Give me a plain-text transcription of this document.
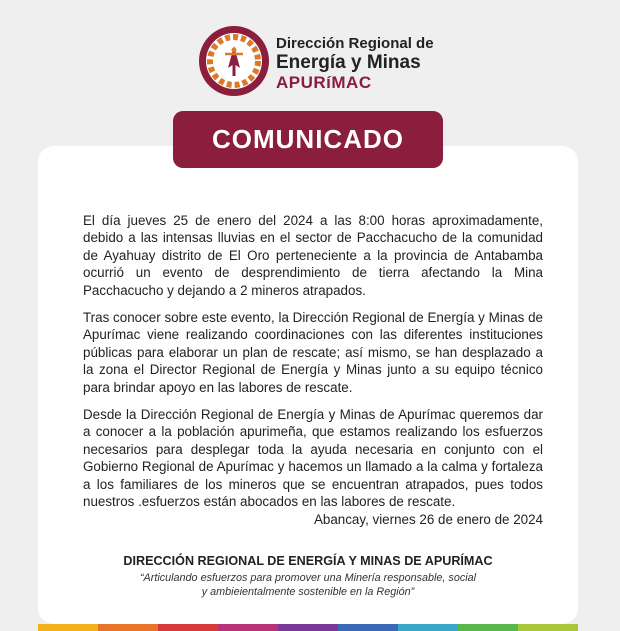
Dirección Regional de
Energía y Minas
APURíMAC
COMUNICADO

El día jueves 25 de enero del 2024 a las 8:00 horas aproximadamente, debido a las intensas lluvias en el sector de Pacchacucho de la comunidad de Ayahuay distrito de El Oro perteneciente a la provincia de Antabamba ocurrió un evento de desprendimiento de tierra afectando la Mina Pacchacucho y dejando a 2 mineros atrapados.

Tras conocer sobre este evento, la Dirección Regional de Energía y Minas de Apurímac viene realizando coordinaciones con las diferentes instituciones públicas para elaborar un plan de rescate; así mismo, se han desplazado a la zona el Director Regional de Energía y Minas junto a su equipo técnico para brindar apoyo en las labores de rescate.

Desde la Dirección Regional de Energía y Minas de Apurímac queremos dar a conocer a la población apurimeña, que estamos realizando los esfuerzos necesarios para desplegar toda la ayuda necesaria en conjunto con el Gobierno Regional de Apurímac y hacemos un llamado a la calma y fortaleza a los familiares de los mineros que se encuentran atrapados, pues todos nuestros .esfuerzos están abocados en las labores de rescate.

Abancay, viernes 26 de enero de 2024
DIRECCIÓN REGIONAL DE ENERGÍA Y MINAS DE APURÍMAC
“Articulando esfuerzos para promover una Minería responsable, social
y ambieientalmente sostenible en la Región”
